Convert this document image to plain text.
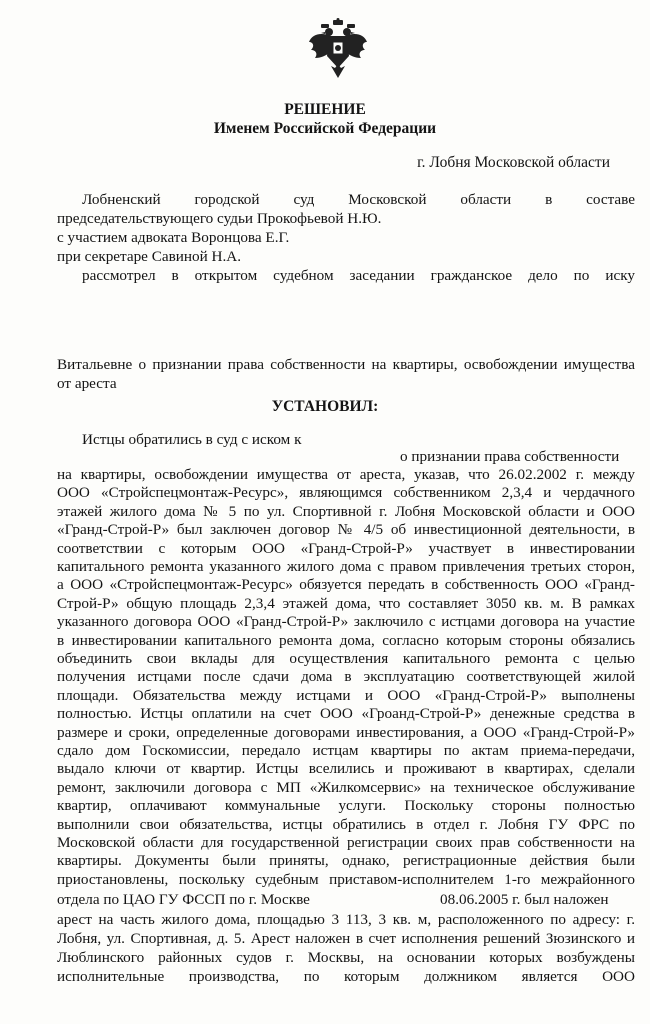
РЕШЕНИЕ
Именем Российской Федерации
г. Лобня Московской области
Лобненский городской суд Московской области в составе
председательствующего судьи Прокофьевой Н.Ю.
с участием адвоката Воронцова Е.Г.
при секретаре Савиной Н.А.
рассмотрел в открытом судебном заседании гражданское дело по иску
Витальевне о признании права собственности на квартиры, освобождении имущества
от ареста
УСТАНОВИЛ:
Истцы обратились в суд с иском к
о признании права собственности
на квартиры, освобождении имущества от ареста, указав, что 26.02.2002 г. между
ООО «Стройспецмонтаж-Ресурс», являющимся собственником 2,3,4 и чердачного
этажей жилого дома № 5 по ул. Спортивной г. Лобня Московской области и ООО
«Гранд-Строй-Р» был заключен договор № 4/5 об инвестиционной деятельности, в
соответствии с которым ООО «Гранд-Строй-Р» участвует в инвестировании
капитального ремонта указанного жилого дома с правом привлечения третьих сторон,
а ООО «Стройспецмонтаж-Ресурс» обязуется передать в собственность ООО «Гранд-
Строй-Р» общую площадь 2,3,4 этажей дома, что составляет 3050 кв. м. В рамках
указанного договора ООО «Гранд-Строй-Р» заключило с истцами договора на участие
в инвестировании капитального ремонта дома, согласно которым стороны обязались
объединить свои вклады для осуществления капитального ремонта с целью
получения истцами после сдачи дома в эксплуатацию соответствующей жилой
площади. Обязательства между истцами и ООО «Гранд-Строй-Р» выполнены
полностью. Истцы оплатили на счет ООО «Гроанд-Строй-Р» денежные средства в
размере и сроки, определенные договорами инвестирования, а ООО «Гранд-Строй-Р»
сдало дом Госкомиссии, передало истцам квартиры по актам приема-передачи,
выдало ключи от квартир. Истцы вселились и проживают в квартирах, сделали
ремонт, заключили договора с МП «Жилкомсервис» на техническое обслуживание
квартир, оплачивают коммунальные услуги. Поскольку стороны полностью
выполнили свои обязательства, истцы обратились в отдел г. Лобня ГУ ФРС по
Московской области для государственной регистрации своих прав собственности на
квартиры. Документы были приняты, однако, регистрационные действия были
приостановлены, поскольку судебным приставом-исполнителем 1-го межрайонного
отдела по ЦАО ГУ ФССП по г. Москве	08.06.2005 г. был наложен
арест на часть жилого дома, площадью 3 113, 3 кв. м, расположенного по адресу: г.
Лобня, ул. Спортивная, д. 5. Арест наложен в счет исполнения решений Зюзинского и
Люблинского районных судов г. Москвы, на основании которых возбуждены
исполнительные производства, по которым должником является ООО
